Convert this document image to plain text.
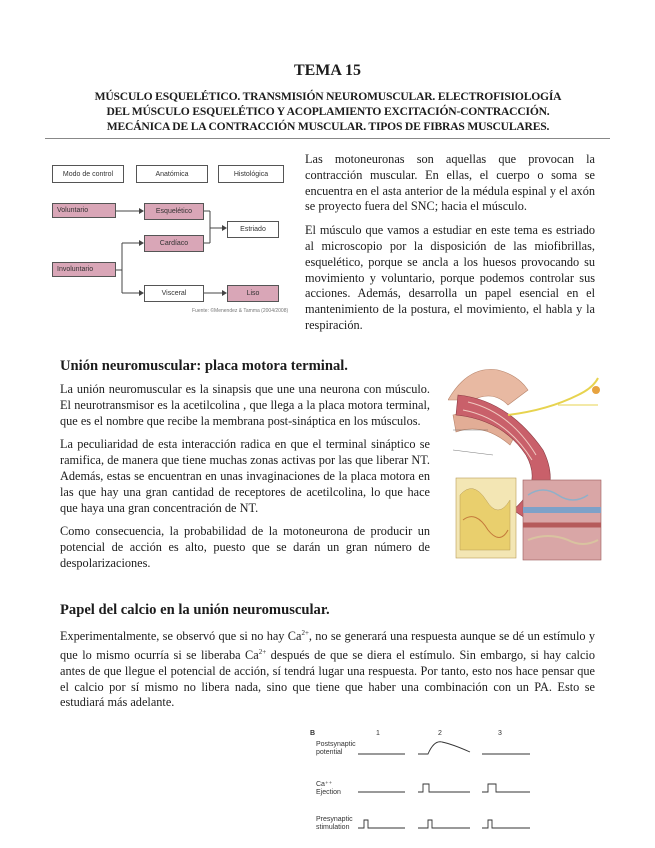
TEMA 15
MÚSCULO ESQUELÉTICO. TRANSMISIÓN NEUROMUSCULAR. ELECTROFISIOLOGÍA
DEL MÚSCULO ESQUELÉTICO Y ACOPLAMIENTO EXCITACIÓN-CONTRACCIÓN.
MECÁNICA DE LA CONTRACCIÓN MUSCULAR. TIPOS DE FIBRAS MUSCULARES.
Modo de control	Anatómica	Histológica
Voluntario
Involuntario
Esquelético
Cardíaco
Visceral
Estriado
Liso
Fuente: ©Menendez & Tamma (2004/2008)

Las motoneuronas son aquellas que provocan la contracción muscular. En ellas, el cuerpo o soma se encuentra en el asta anterior de la médula espinal y el axón se proyecto fuera del SNC; hacia el músculo.

El músculo que vamos a estudiar en este tema es estriado al microscopio por la disposición de las miofibrillas, esquelético, porque se ancla a los huesos provocando su movimiento y voluntario, porque podemos controlar sus acciones. Además, desarrolla un papel esencial en el mantenimiento de la postura, el movimiento, el habla y la respiración.

Unión neuromuscular: placa motora terminal.

La unión neuromuscular es la sinapsis que une una neurona con músculo. El neurotransmisor es la acetilcolina , que llega a la placa motora terminal, que es el nombre que recibe la membrana post-sináptica en los músculos.

La peculiaridad de esta interacción radica en que el terminal sináptico se ramifica, de manera que tiene muchas zonas activas por las que liberar NT. Además, estas se encuentran en unas invaginaciones de la placa motora en las que hay una gran cantidad de receptores de acetilcolina, lo que hace que haya una gran concentración de NT.

Como consecuencia, la probabilidad de la motoneurona de producir un potencial de acción es alto, puesto que se darán un gran número de despolarizaciones.

Papel del calcio en la unión neuromuscular.

Experimentalmente, se observó que si no hay $Ca^{2+}$, no se generará una respuesta aunque se dé un estímulo y que lo mismo ocurría si se liberaba $Ca^{2+}$ después de que se diera el estímulo. Sin embargo, si hay calcio antes de que llegue el potencial de acción, sí tendrá lugar una respuesta. Por tanto, esto nos hace pensar que el calcio por sí mismo no libera nada, sino que tiene que haber una combinación con un PA. Esto se estudiará más adelante.

B	1	2	3
Postsynaptic
potential
Ca⁺⁺
Ejection
Presynaptic
stimulation
